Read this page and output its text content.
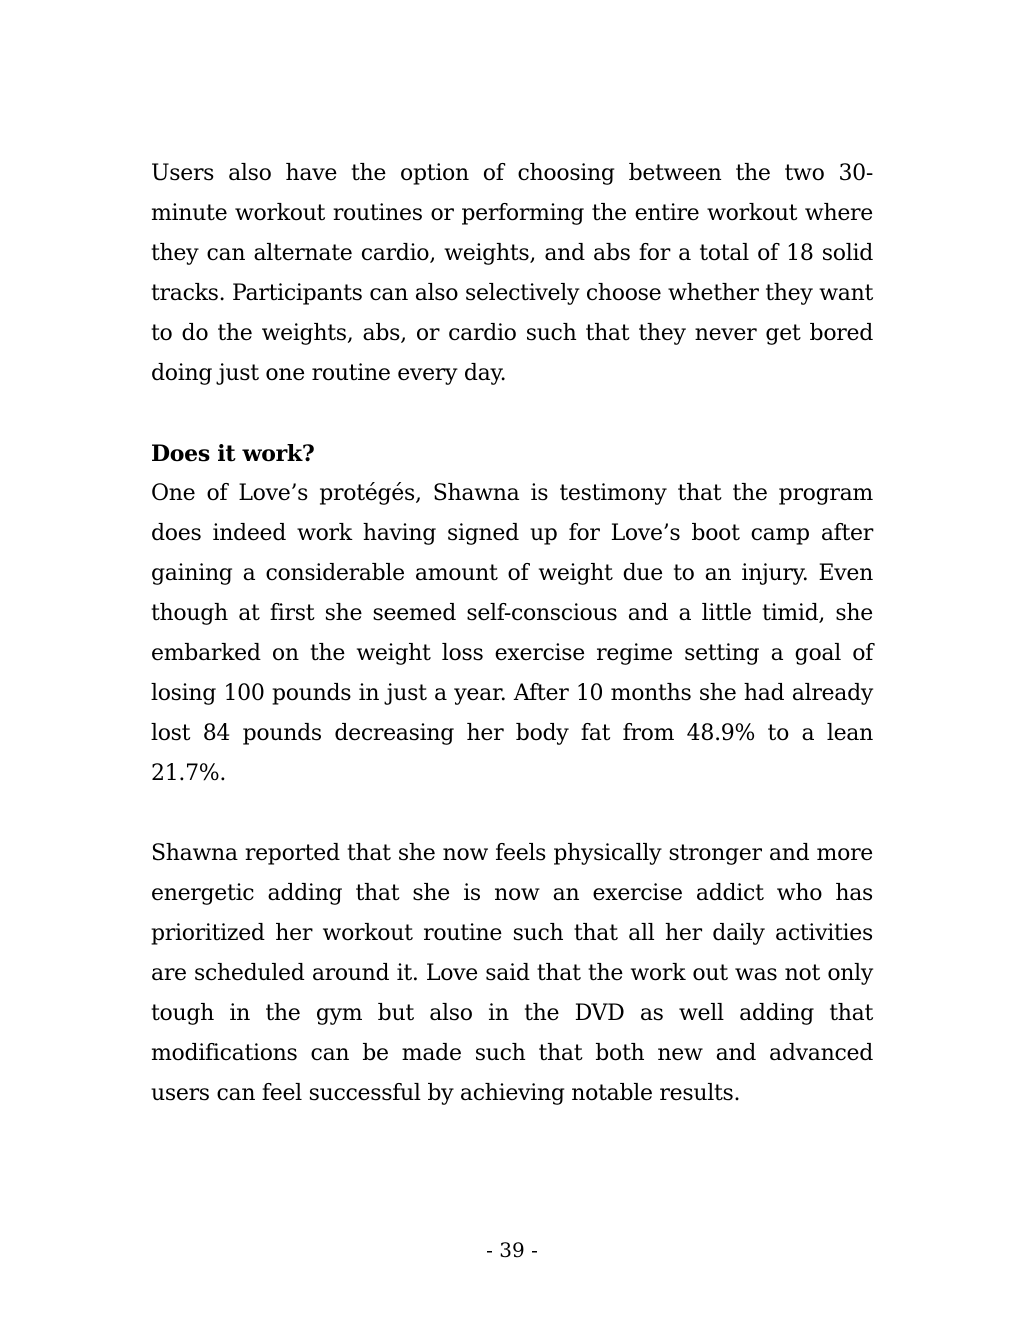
Users also have the option of choosing between the two 30-minute workout routines or performing the entire workout where they can alternate cardio, weights, and abs for a total of 18 solid tracks. Participants can also selectively choose whether they want to do the weights, abs, or cardio such that they never get bored doing just one routine every day.

Does it work?

One of Love’s protégés, Shawna is testimony that the program does indeed work having signed up for Love’s boot camp after gaining a considerable amount of weight due to an injury. Even though at first she seemed self-conscious and a little timid, she embarked on the weight loss exercise regime setting a goal of losing 100 pounds in just a year. After 10 months she had already lost 84 pounds decreasing her body fat from 48.9% to a lean 21.7%.

Shawna reported that she now feels physically stronger and more energetic adding that she is now an exercise addict who has prioritized her workout routine such that all her daily activities are scheduled around it. Love said that the work out was not only tough in the gym but also in the DVD as well adding that modifications can be made such that both new and advanced users can feel successful by achieving notable results.

- 39 -
